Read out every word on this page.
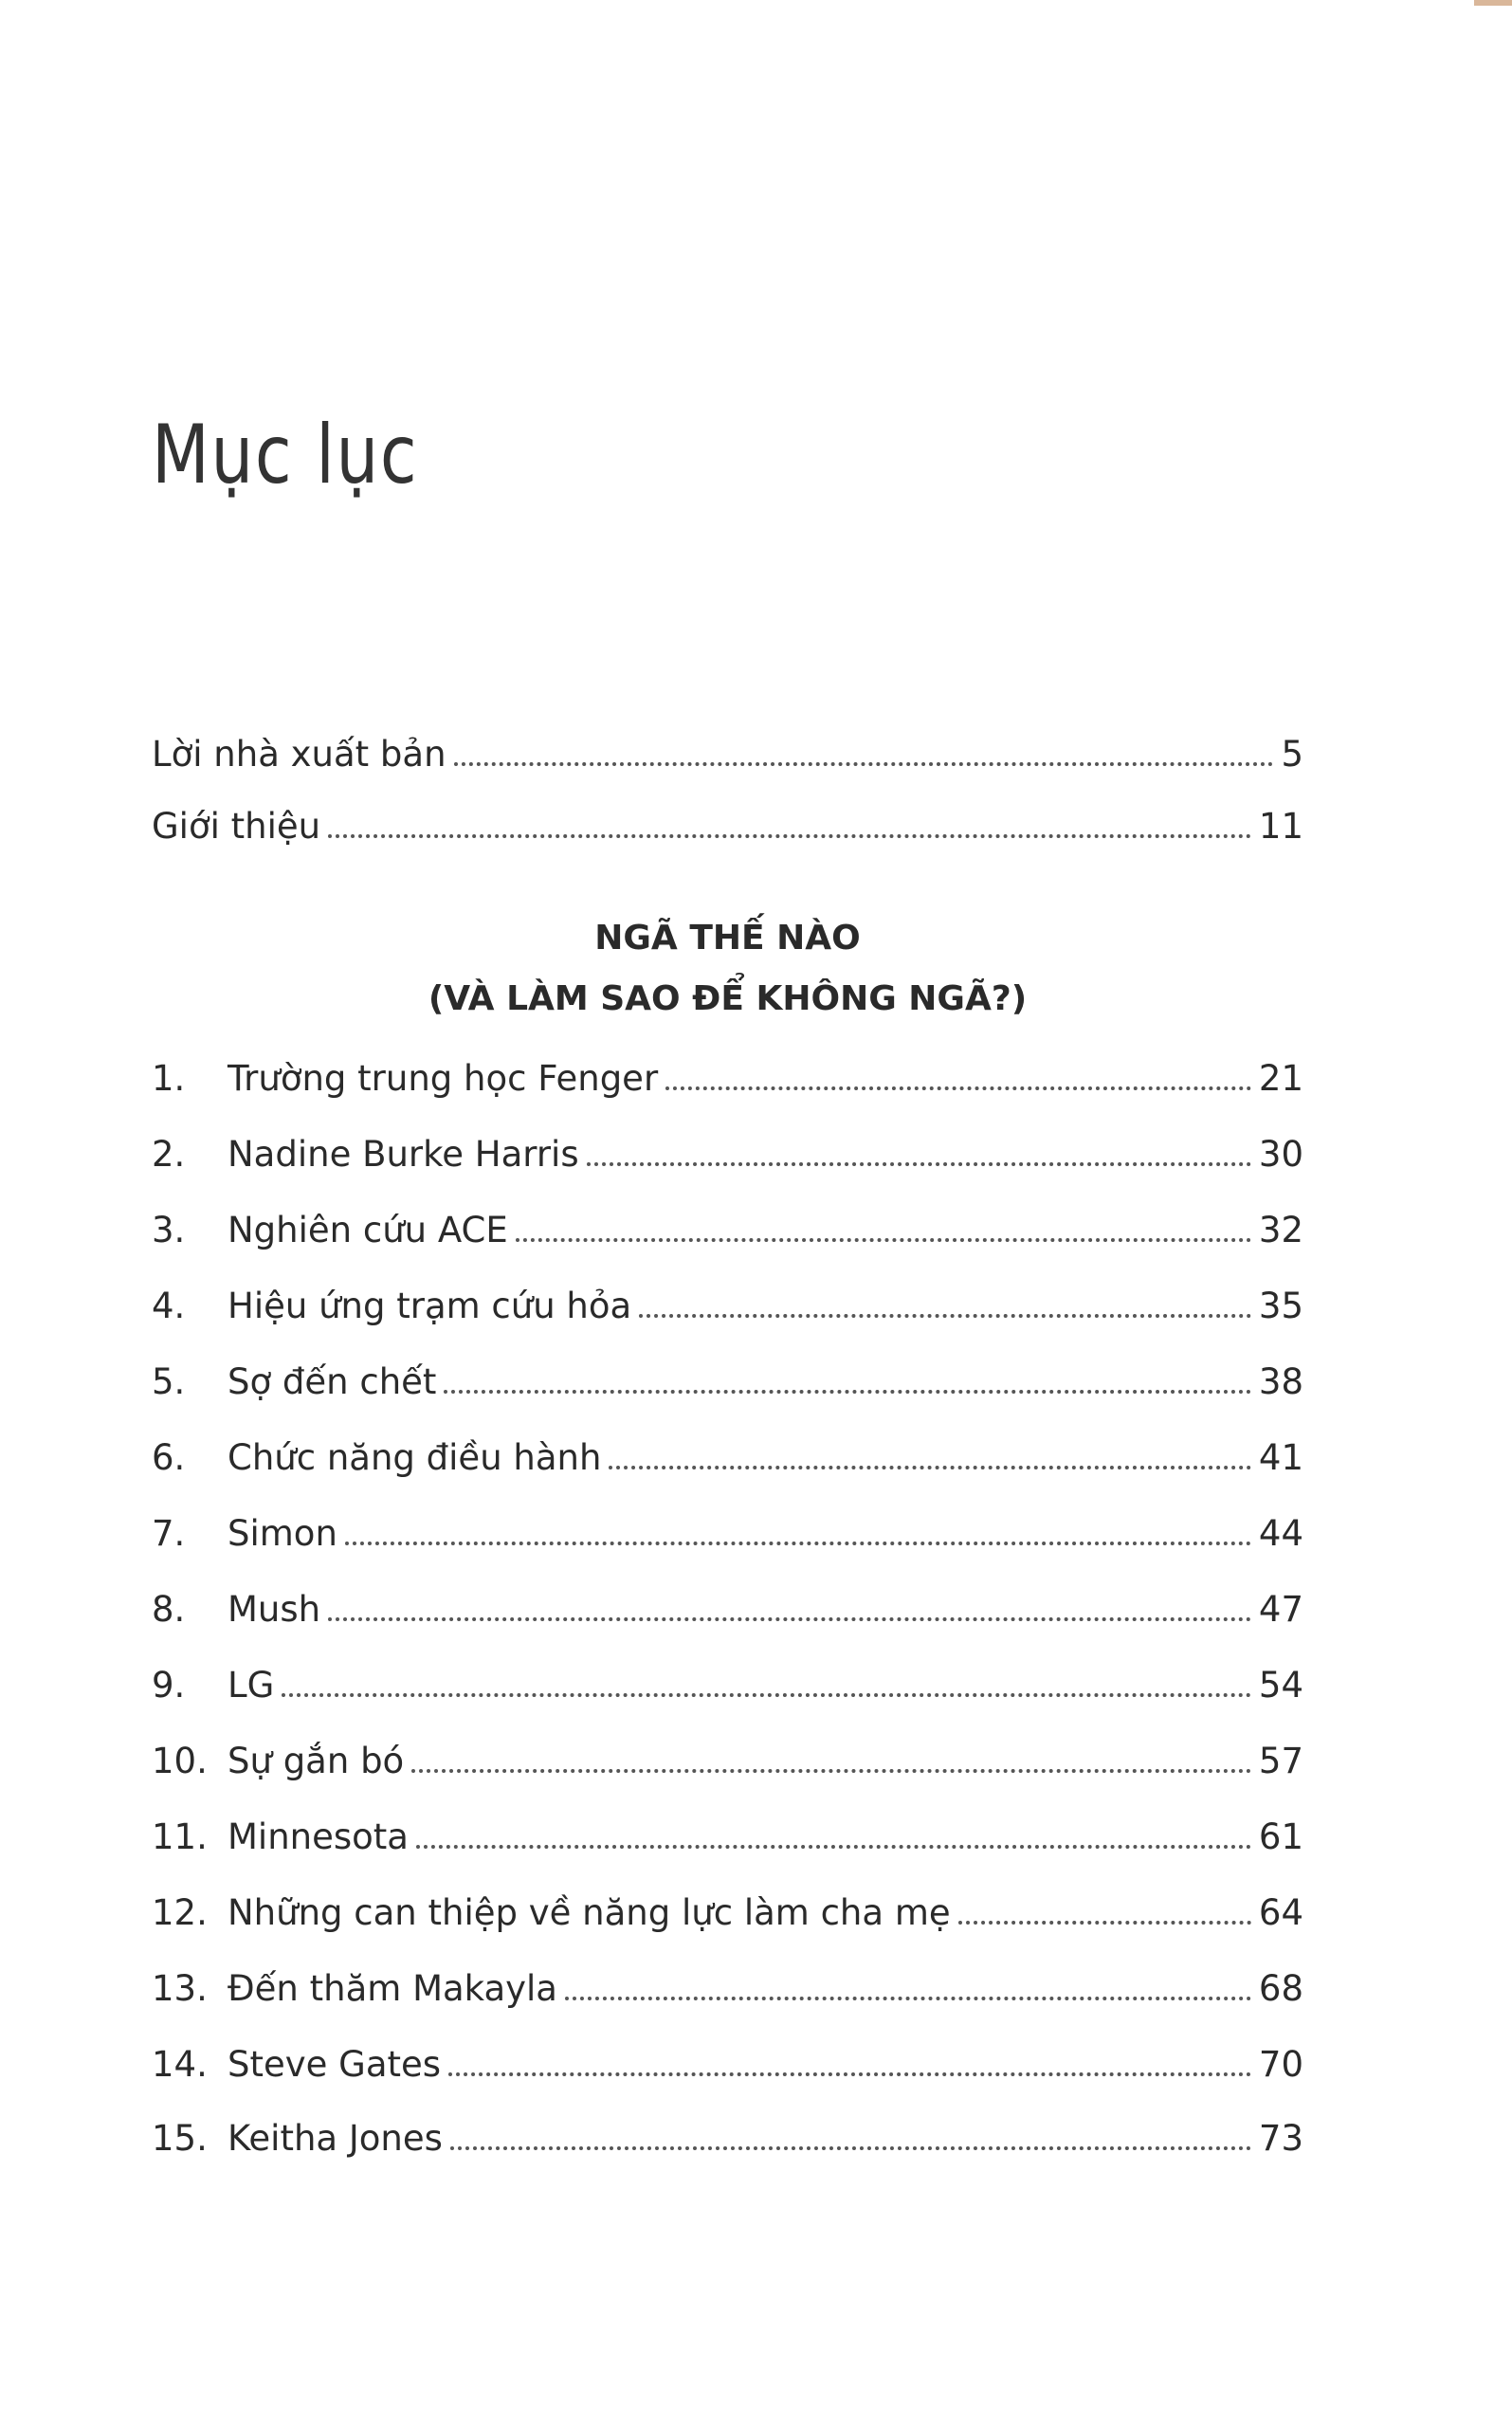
Mục lục
Lời nhà xuất bản	5
Giới thiệu	11
NGÃ THẾ NÀO
(VÀ LÀM SAO ĐỂ KHÔNG NGÃ?)
1.	Trường trung học Fenger	21
2.	Nadine Burke Harris	30
3.	Nghiên cứu ACE	32
4.	Hiệu ứng trạm cứu hỏa	35
5.	Sợ đến chết	38
6.	Chức năng điều hành	41
7.	Simon	44
8.	Mush	47
9.	LG	54
10. Sự gắn bó	57
11. Minnesota	61
12. Những can thiệp về năng lực làm cha mẹ	64
13. Đến thăm Makayla	68
14. Steve Gates	70
15. Keitha Jones	73
